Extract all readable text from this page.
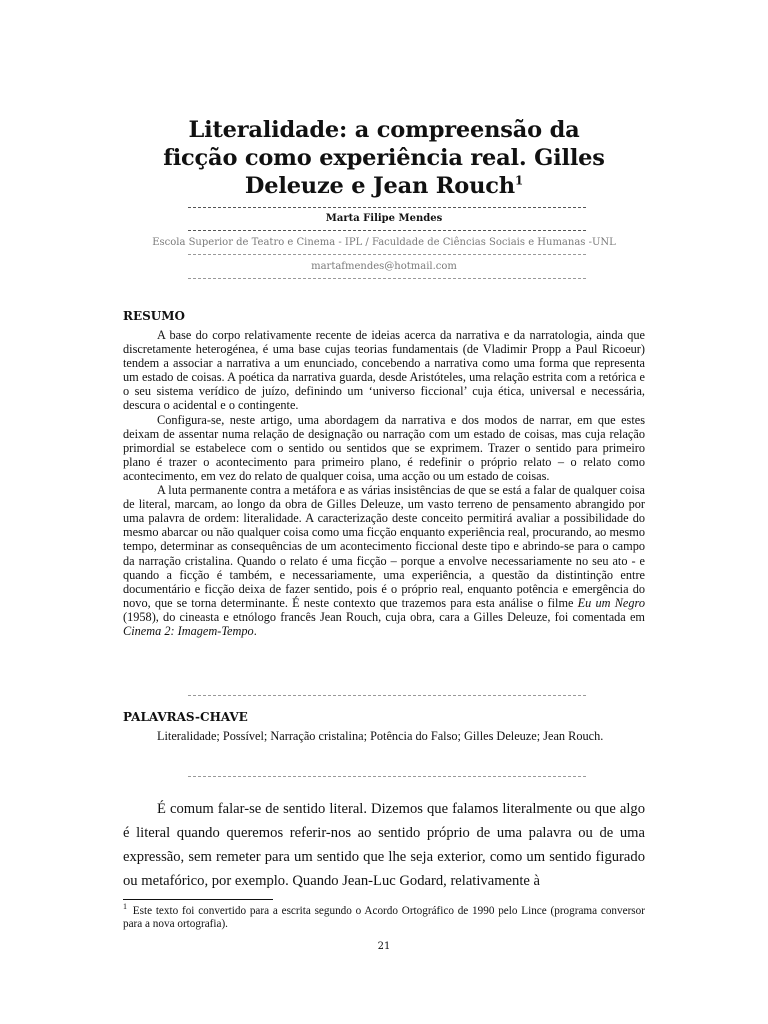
Literalidade: a compreensão da
ficção como experiência real. Gilles
Deleuze e Jean Rouch$^1$
Marta Filipe Mendes
Escola Superior de Teatro e Cinema - IPL / Faculdade de Ciências Sociais e Humanas -UNL
martafmendes@hotmail.com
RESUMO

A base do corpo relativamente recente de ideias acerca da narrativa e da narratologia, ainda que discretamente heterogénea, é uma base cujas teorias fundamentais (de Vladimir Propp a Paul Ricoeur) tendem a associar a narrativa a um enunciado, concebendo a narrativa como uma forma que representa um estado de coisas. A poética da narrativa guarda, desde Aristóteles, uma relação estrita com a retórica e o seu sistema verídico de juízo, definindo um ‘universo ficcional’ cuja ética, universal e necessária, descura o acidental e o contingente.

Configura-se, neste artigo, uma abordagem da narrativa e dos modos de narrar, em que estes deixam de assentar numa relação de designação ou narração com um estado de coisas, mas cuja relação primordial se estabelece com o sentido ou sentidos que se exprimem. Trazer o sentido para primeiro plano é trazer o acontecimento para primeiro plano, é redefinir o próprio relato – o relato como acontecimento, em vez do relato de qualquer coisa, uma acção ou um estado de coisas.

A luta permanente contra a metáfora e as várias insistências de que se está a falar de qualquer coisa de literal, marcam, ao longo da obra de Gilles Deleuze, um vasto terreno de pensamento abrangido por uma palavra de ordem: literalidade. A caracterização deste conceito permitirá avaliar a possibilidade do mesmo abarcar ou não qualquer coisa como uma ficção enquanto experiência real, procurando, ao mesmo tempo, determinar as consequências de um acontecimento ficcional deste tipo e abrindo-se para o campo da narração cristalina. Quando o relato é uma ficção – porque a envolve necessariamente no seu ato - e quando a ficção é também, e necessariamente, uma experiência, a questão da distintinção entre documentário e ficção deixa de fazer sentido, pois é o próprio real, enquanto potência e emergência do novo, que se torna determinante. É neste contexto que trazemos para esta análise o filme Eu um Negro (1958), do cineasta e etnólogo francês Jean Rouch, cuja obra, cara a Gilles Deleuze, foi comentada em Cinema 2: Imagem-Tempo.

PALAVRAS-CHAVE
Literalidade; Possível; Narração cristalina; Potência do Falso; Gilles Deleuze; Jean Rouch.

É comum falar-se de sentido literal. Dizemos que falamos literalmente ou que algo é literal quando queremos referir-nos ao sentido próprio de uma palavra ou de uma expressão, sem remeter para um sentido que lhe seja exterior, como um sentido figurado ou metafórico, por exemplo. Quando Jean-Luc Godard, relativamente à

$^1$ Este texto foi convertido para a escrita segundo o Acordo Ortográfico de 1990 pelo Lince (programa conversor para a nova ortografia).
21
